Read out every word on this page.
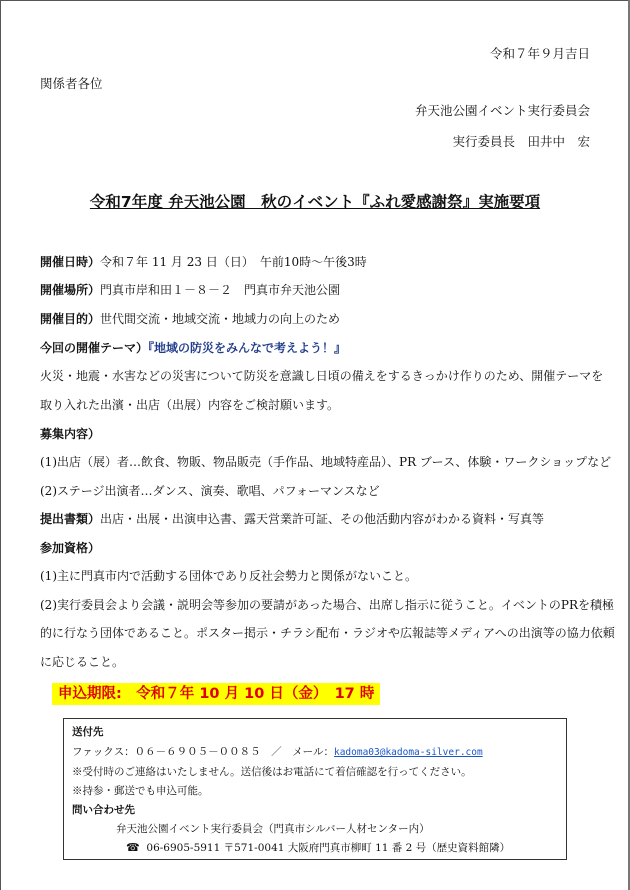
令和７年９月吉日
関係者各位
弁天池公園イベント実行委員会
実行委員長　田井中　宏
令和7年度 弁天池公園　秋のイベント『ふれ愛感謝祭』実施要項
開催日時）令和７年 11 月 23 日（日）　午前10時～午後3時
開催場所）門真市岸和田１－８－２　門真市弁天池公園
開催目的）世代間交流・地域交流・地域力の向上のため
今回の開催テーマ）『地域の防災をみんなで考えよう！』
火災・地震・水害などの災害について防災を意識し日頃の備えをするきっかけ作りのため、開催テーマを
取り入れた出濱・出店（出展）内容をご検討願います。
募集内容）
(1)出店（展）者…飲食、物販、物品販売（手作品、地域特産品）、PR ブース、体験・ワークショップなど
(2)ステージ出演者…ダンス、演奏、歌唱、パフォーマンスなど
提出書類）出店・出展・出演申込書、露天営業許可証、その他活動内容がわかる資料・写真等
参加資格）
(1)主に門真市内で活動する団体であり反社会勢力と関係がないこと。
(2)実行委員会より会議・説明会等参加の要請があった場合、出席し指示に従うこと。イベントのPRを積極
的に行なう団体であること。ポスター掲示・チラシ配布・ラジオや広報誌等メディアへの出演等の協力依頼
に応じること。
申込期限:　令和７年 10 月 10 日（金）　17 時
送付先
ファックス：０６－６９０５－００８５　／　メール：kadoma03@kadoma-silver.com
※受付時のご連絡はいたしません。送信後はお電話にて着信確認を行ってください。
※持参・郵送でも申込可能。
問い合わせ先
弁天池公園イベント実行委員会（門真市シルバー人材センター内）
☎ 06-6905-5911 〒571-0041 大阪府門真市柳町 11 番 2 号（歴史資料館隣）
